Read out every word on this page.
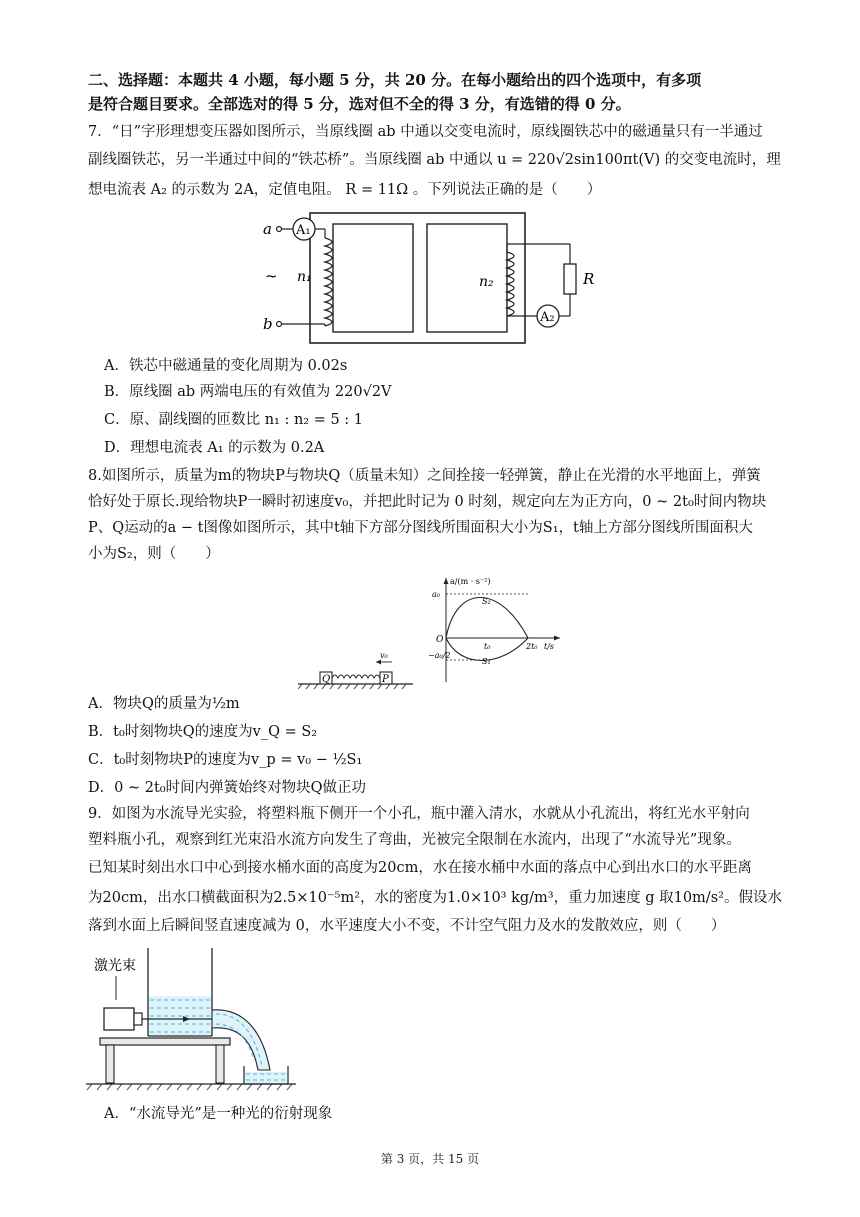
二、选择题：本题共 4 小题，每小题 5 分，共 20 分。在每小题给出的四个选项中，有多项
是符合题目要求。全部选对的得 5 分，选对但不全的得 3 分，有选错的得 0 分。
7．“日”字形理想变压器如图所示，当原线圈 ab 中通以交变电流时，原线圈铁芯中的磁通量只有一半通过
副线圈铁芯，另一半通过中间的“铁芯桥”。当原线圈 ab 中通以 u = 220√2sin100πt(V) 的交变电流时，理
想电流表 A₂ 的示数为 2A，定值电阻。 R = 11Ω 。下列说法正确的是（　　）
A₁
a
b
~ n₁	n₂
A₂
R
A．铁芯中磁通量的变化周期为 0.02s
B．原线圈 ab 两端电压的有效值为 220√2V
C．原、副线圈的匝数比 n₁ : n₂ = 5 : 1
D．理想电流表 A₁ 的示数为 0.2A
8.如图所示，质量为m的物块P与物块Q（质量未知）之间拴接一轻弹簧，静止在光滑的水平地面上，弹簧
恰好处于原长.现给物块P一瞬时初速度v₀，并把此时记为 0 时刻，规定向左为正方向，0 ~ 2t₀时间内物块
P、Q运动的a − t图像如图所示，其中t轴下方部分图线所围面积大小为S₁，t轴上方部分图线所围面积大
小为S₂，则（　　）
Q	P
v₀
a/(m · s⁻²)
a₀
O
−a₀/2
t₀	2t₀ t/s
S₂
S₁
A．物块Q的质量为½m
B．t₀时刻物块Q的速度为v_Q = S₂
C．t₀时刻物块P的速度为v_p = v₀ − ½S₁
D．0 ~ 2t₀时间内弹簧始终对物块Q做正功
9．如图为水流导光实验，将塑料瓶下侧开一个小孔，瓶中灌入清水，水就从小孔流出，将红光水平射向
塑料瓶小孔，观察到红光束沿水流方向发生了弯曲，光被完全限制在水流内，出现了“水流导光”现象。
已知某时刻出水口中心到接水桶水面的高度为20cm，水在接水桶中水面的落点中心到出水口的水平距离
为20cm，出水口横截面积为2.5×10⁻⁵m²，水的密度为1.0×10³ kg/m³，重力加速度 g 取10m/s²。假设水
落到水面上后瞬间竖直速度减为 0，水平速度大小不变，不计空气阻力及水的发散效应，则（　　）
激光束
A．“水流导光”是一种光的衍射现象
第 3 页，共 15 页
